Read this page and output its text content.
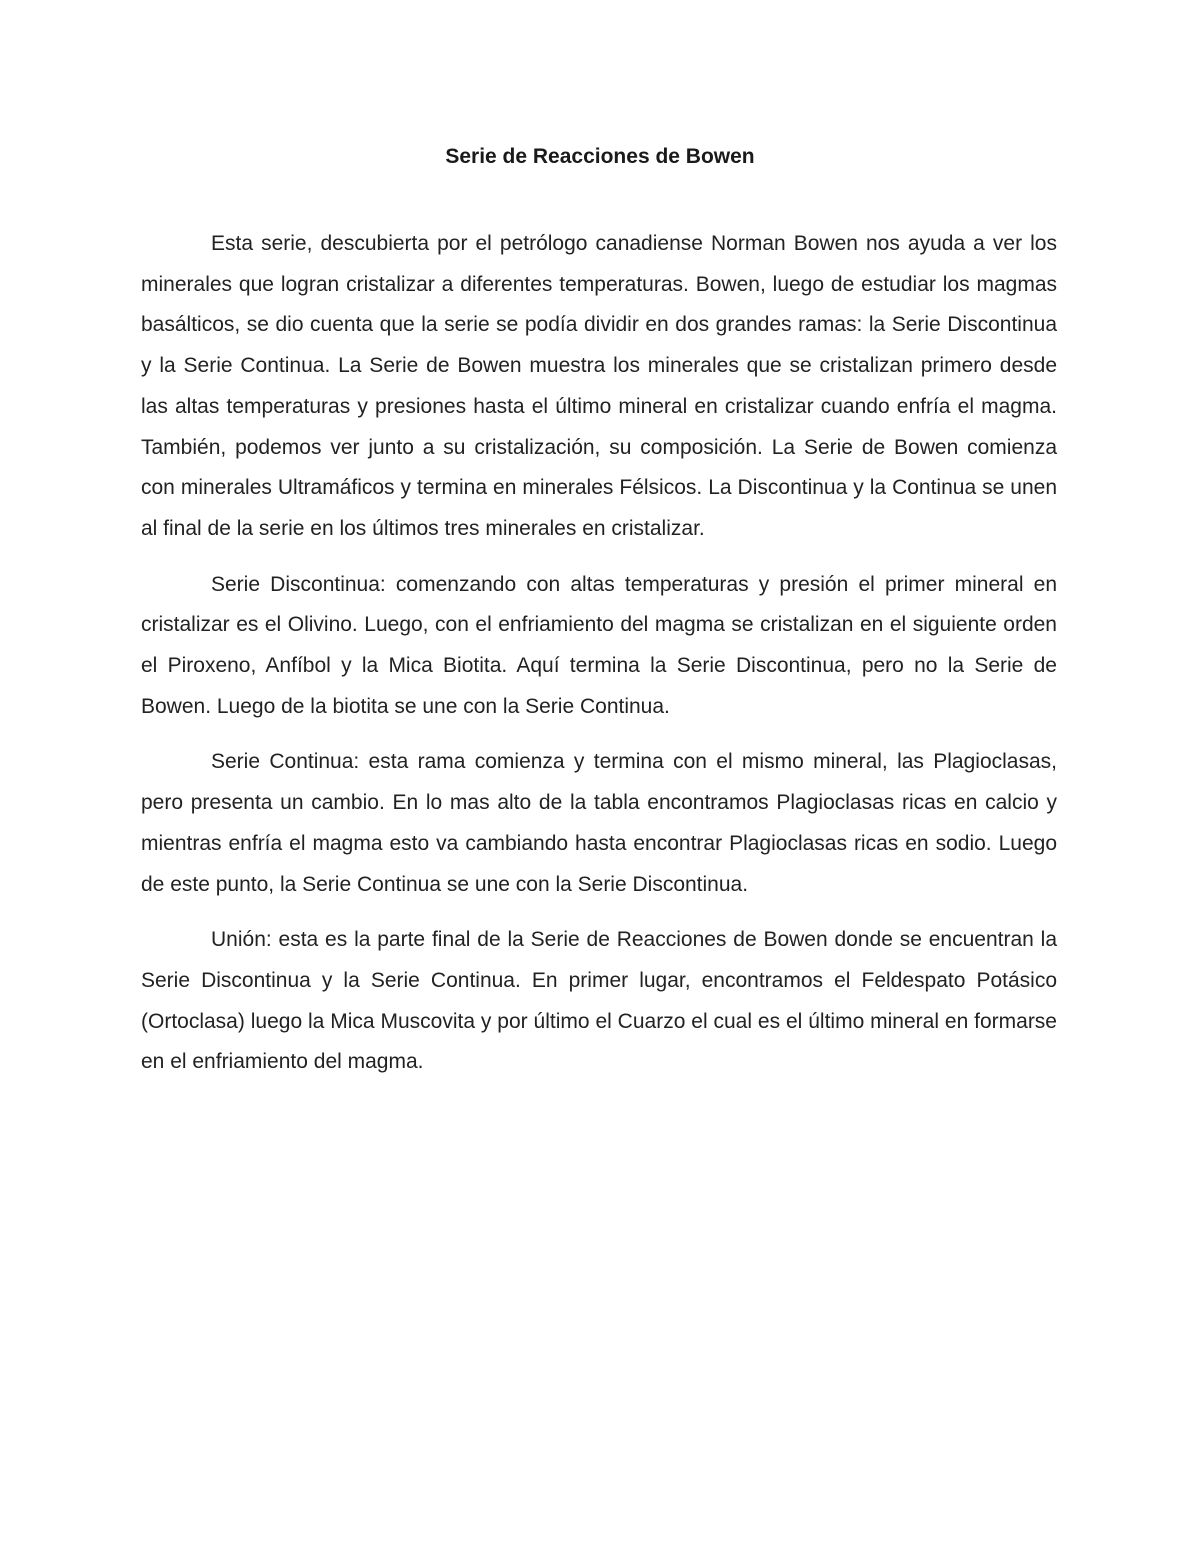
Serie de Reacciones de Bowen

Esta serie, descubierta por el petrólogo canadiense Norman Bowen nos ayuda a ver los minerales que logran cristalizar a diferentes temperaturas. Bowen, luego de estudiar los magmas basálticos, se dio cuenta que la serie se podía dividir en dos grandes ramas: la Serie Discontinua y la Serie Continua. La Serie de Bowen muestra los minerales que se cristalizan primero desde las altas temperaturas y presiones hasta el último mineral en cristalizar cuando enfría el magma. También, podemos ver junto a su cristalización, su composición. La Serie de Bowen comienza con minerales Ultramáficos y termina en minerales Félsicos. La Discontinua y la Continua se unen al final de la serie en los últimos tres minerales en cristalizar.

Serie Discontinua: comenzando con altas temperaturas y presión el primer mineral en cristalizar es el Olivino. Luego, con el enfriamiento del magma se cristalizan en el siguiente orden el Piroxeno, Anfíbol y la Mica Biotita. Aquí termina la Serie Discontinua, pero no la Serie de Bowen. Luego de la biotita se une con la Serie Continua.

Serie Continua: esta rama comienza y termina con el mismo mineral, las Plagioclasas, pero presenta un cambio. En lo mas alto de la tabla encontramos Plagioclasas ricas en calcio y mientras enfría el magma esto va cambiando hasta encontrar Plagioclasas ricas en sodio. Luego de este punto, la Serie Continua se une con la Serie Discontinua.

Unión: esta es la parte final de la Serie de Reacciones de Bowen donde se encuentran la Serie Discontinua y la Serie Continua. En primer lugar, encontramos el Feldespato Potásico (Ortoclasa) luego la Mica Muscovita y por último el Cuarzo el cual es el último mineral en formarse en el enfriamiento del magma.
